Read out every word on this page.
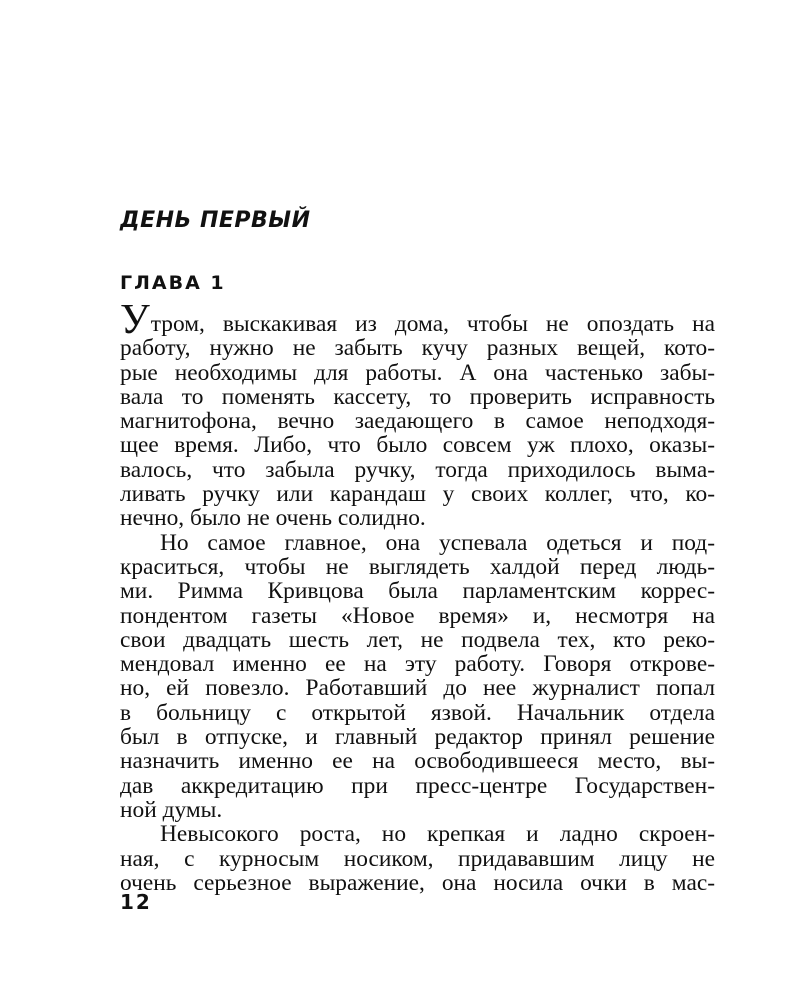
ДЕНЬ ПЕРВЫЙ
ГЛАВА 1

Утром, выскакивая из дома, чтобы не опоздать на
работу, нужно не забыть кучу разных вещей, кото-
рые необходимы для работы. А она частенько забы-
вала то поменять кассету, то проверить исправность
магнитофона, вечно заедающего в самое неподходя-
щее время. Либо, что было совсем уж плохо, оказы-
валось, что забыла ручку, тогда приходилось выма-
ливать ручку или карандаш у своих коллег, что, ко-
нечно, было не очень солидно.

Но самое главное, она успевала одеться и под-
краситься, чтобы не выглядеть халдой перед людь-
ми. Римма Кривцова была парламентским коррес-
пондентом газеты «Новое время» и, несмотря на
свои двадцать шесть лет, не подвела тех, кто реко-
мендовал именно ее на эту работу. Говоря открове-
но, ей повезло. Работавший до нее журналист попал
в больницу с открытой язвой. Начальник отдела
был в отпуске, и главный редактор принял решение
назначить именно ее на освободившееся место, вы-
дав аккредитацию при пресс-центре Государствен-
ной думы.

Невысокого роста, но крепкая и ладно скроен-
ная, с курносым носиком, придававшим лицу не
очень серьезное выражение, она носила очки в мас-

12
